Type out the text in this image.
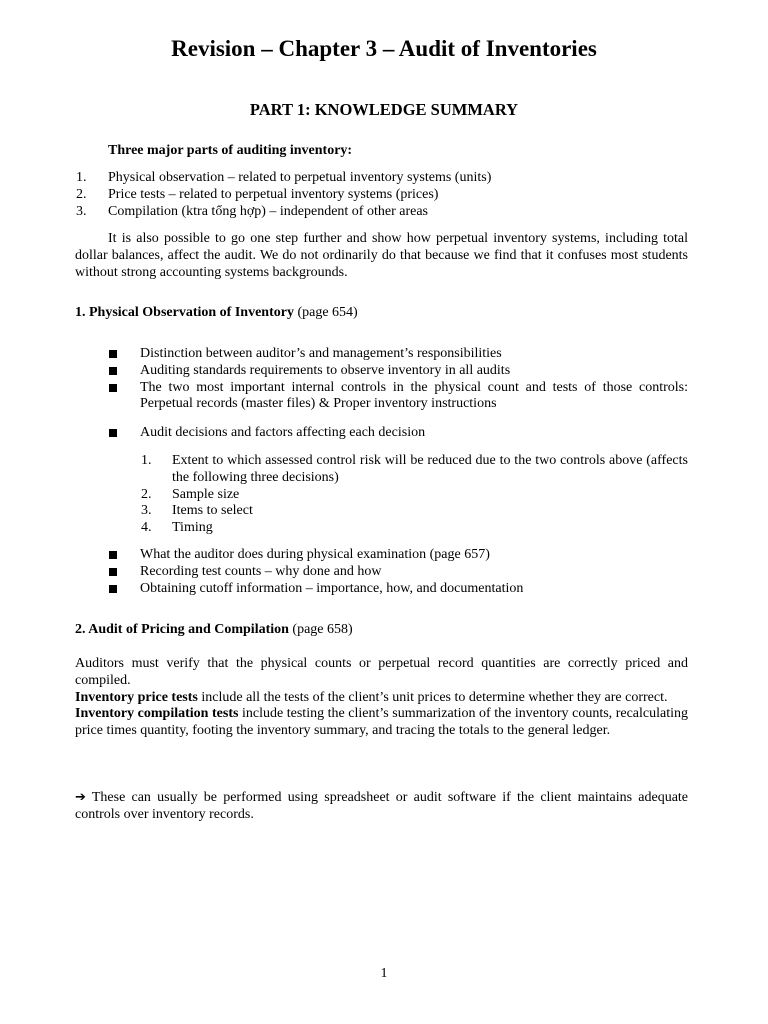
Revision – Chapter 3 – Audit of Inventories
PART 1: KNOWLEDGE SUMMARY
Three major parts of auditing inventory:
1. Physical observation – related to perpetual inventory systems (units)
2. Price tests – related to perpetual inventory systems (prices)
3. Compilation (ktra tổng hợp) – independent of other areas
It is also possible to go one step further and show how perpetual inventory systems, including total dollar balances, affect the audit. We do not ordinarily do that because we find that it confuses most students without strong accounting systems backgrounds.
1. Physical Observation of Inventory (page 654)
Distinction between auditor’s and management’s responsibilities
Auditing standards requirements to observe inventory in all audits
The two most important internal controls in the physical count and tests of those controls: Perpetual records (master files) & Proper inventory instructions
Audit decisions and factors affecting each decision
1. Extent to which assessed control risk will be reduced due to the two controls above (affects the following three decisions)
2. Sample size
3. Items to select
4. Timing
What the auditor does during physical examination (page 657)
Recording test counts – why done and how
Obtaining cutoff information – importance, how, and documentation
2. Audit of Pricing and Compilation (page 658)
Auditors must verify that the physical counts or perpetual record quantities are correctly priced and compiled.
Inventory price tests include all the tests of the client’s unit prices to determine whether they are correct.
Inventory compilation tests include testing the client’s summarization of the inventory counts, recalculating price times quantity, footing the inventory summary, and tracing the totals to the general ledger.
➔ These can usually be performed using spreadsheet or audit software if the client maintains adequate controls over inventory records.
1
